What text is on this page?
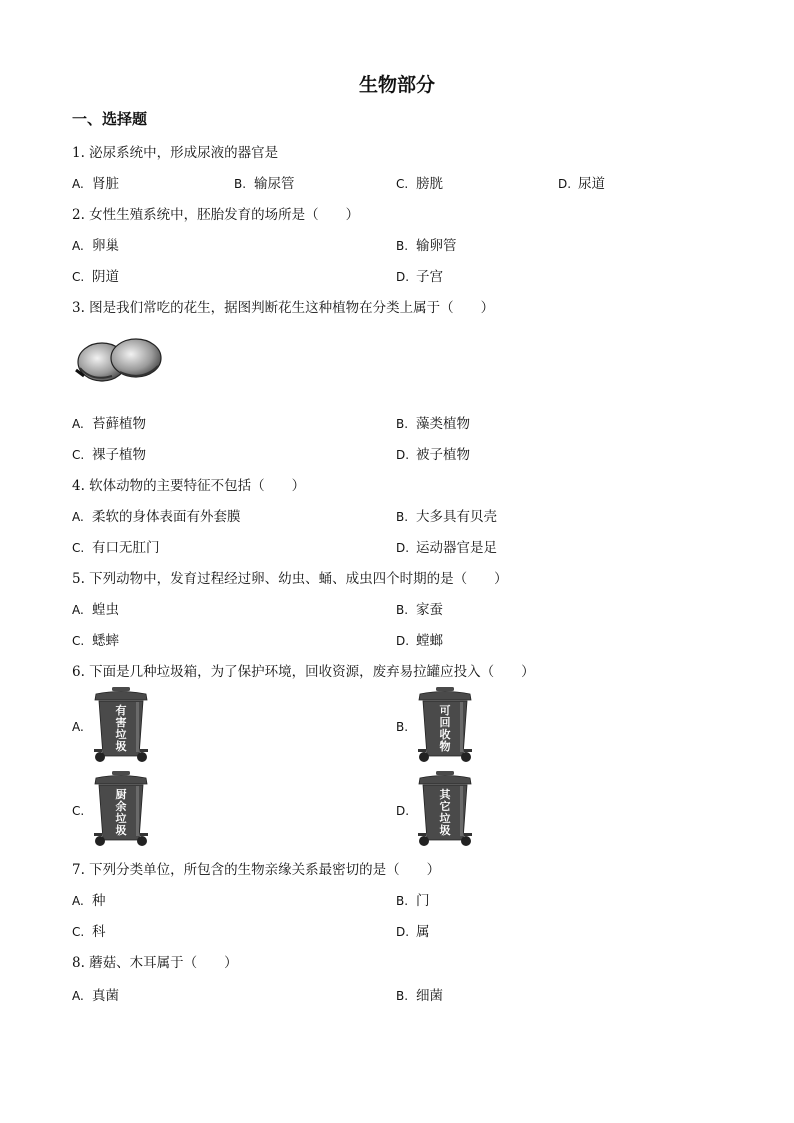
生物部分
一、选择题
1. 泌尿系统中，形成尿液的器官是
A. 肾脏	B. 输尿管	C. 膀胱	D. 尿道
2. 女性生殖系统中，胚胎发育的场所是（　　）
A. 卵巢	B. 输卵管
C. 阴道	D. 子宫
3. 图是我们常吃的花生，据图判断花生这种植物在分类上属于（　　）
A. 苔藓植物	B. 藻类植物
C. 裸子植物	D. 被子植物
4. 软体动物的主要特征不包括（　　）
A. 柔软的身体表面有外套膜	B. 大多具有贝壳
C. 有口无肛门	D. 运动器官是足
5. 下列动物中，发育过程经过卵、幼虫、蛹、成虫四个时期的是（　　）
A. 蝗虫	B. 家蚕
C. 蟋蟀	D. 螳螂
6. 下面是几种垃圾箱，为了保护环境，回收资源，废弃易拉罐应投入（　　）
A.	B.
C.	D.
有
害
垃
圾
可
回
收
物
厨
余
垃
圾
其
它
垃
圾
7. 下列分类单位，所包含的生物亲缘关系最密切的是（　　）
A. 种	B. 门
C. 科	D. 属
8. 蘑菇、木耳属于（　　）
A. 真菌	B. 细菌
